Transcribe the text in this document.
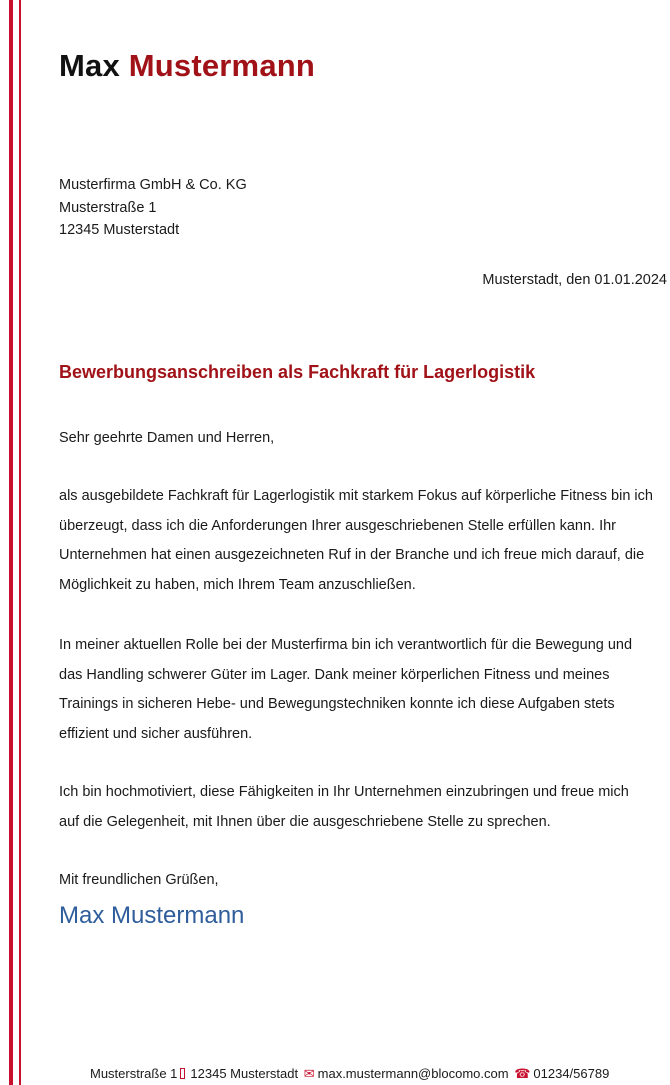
Max Mustermann
Musterfirma GmbH & Co. KG
Musterstraße 1
12345 Musterstadt
Musterstadt, den 01.01.2024
Bewerbungsanschreiben als Fachkraft für Lagerlogistik
Sehr geehrte Damen und Herren,
als ausgebildete Fachkraft für Lagerlogistik mit starkem Fokus auf körperliche Fitness bin ich
überzeugt, dass ich die Anforderungen Ihrer ausgeschriebenen Stelle erfüllen kann. Ihr
Unternehmen hat einen ausgezeichneten Ruf in der Branche und ich freue mich darauf, die
Möglichkeit zu haben, mich Ihrem Team anzuschließen.
In meiner aktuellen Rolle bei der Musterfirma bin ich verantwortlich für die Bewegung und
das Handling schwerer Güter im Lager. Dank meiner körperlichen Fitness und meines
Trainings in sicheren Hebe- und Bewegungstechniken konnte ich diese Aufgaben stets
effizient und sicher ausführen.
Ich bin hochmotiviert, diese Fähigkeiten in Ihr Unternehmen einzubringen und freue mich
auf die Gelegenheit, mit Ihnen über die ausgeschriebene Stelle zu sprechen.
Mit freundlichen Grüßen,
Max Mustermann
Musterstraße 1 12345 Musterstadt ✉ max.mustermann@blocomo.com ☎ 01234/56789
